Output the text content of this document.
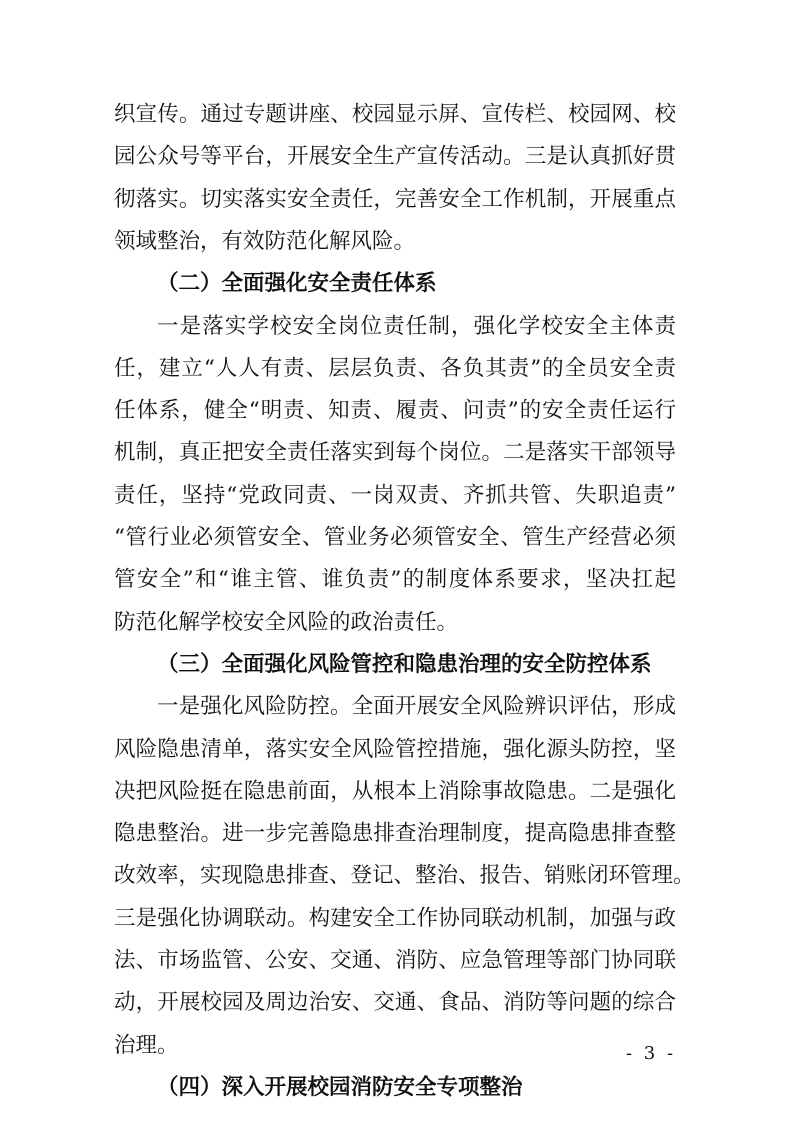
织宣传。通过专题讲座、校园显示屏、宣传栏、校园网、校
园公众号等平台，开展安全生产宣传活动。三是认真抓好贯
彻落实。切实落实安全责任，完善安全工作机制，开展重点
领域整治，有效防范化解风险。
（二）全面强化安全责任体系
一是落实学校安全岗位责任制，强化学校安全主体责
任，建立“人人有责、层层负责、各负其责”的全员安全责
任体系，健全“明责、知责、履责、问责”的安全责任运行
机制，真正把安全责任落实到每个岗位。二是落实干部领导
责任，坚持“党政同责、一岗双责、齐抓共管、失职追责”
“管行业必须管安全、管业务必须管安全、管生产经营必须
管安全”和“谁主管、谁负责”的制度体系要求，坚决扛起
防范化解学校安全风险的政治责任。
（三）全面强化风险管控和隐患治理的安全防控体系
一是强化风险防控。全面开展安全风险辨识评估，形成
风险隐患清单，落实安全风险管控措施，强化源头防控，坚
决把风险挺在隐患前面，从根本上消除事故隐患。二是强化
隐患整治。进一步完善隐患排查治理制度，提高隐患排查整
改效率，实现隐患排查、登记、整治、报告、销账闭环管理。
三是强化协调联动。构建安全工作协同联动机制，加强与政
法、市场监管、公安、交通、消防、应急管理等部门协同联
动，开展校园及周边治安、交通、食品、消防等问题的综合
治理。
（四）深入开展校园消防安全专项整治
- 3 -
